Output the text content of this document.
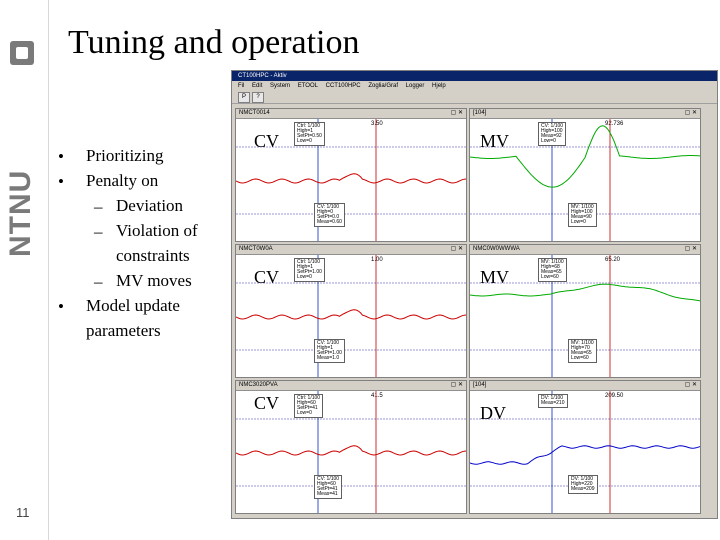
NTNU
11
Tuning and operation
• Prioritizing
• Penalty on
– Deviation
– Violation of constraints
– MV moves
• Model update parameters
CT100HPC - Aktiv
Fil Edit System ETOOL CCT100HPC Zoglia/Graf Logger Hjelp
P	?
NMCT0014	▢ ✕
3.50
Ctrl: 1/100
High=1
SetPt=0.50
Low=0
CV: 1/100
High=0
SetPt=0.0
Meas=0.60
CV
[104]	▢ ✕
92.736
CV: 1/100
High=100
Meas=92
Low=0
MV: 1/100
High=100
Meas=90
Low=0
MV
NMCT0W0A	▢ ✕
1.00
Ctrl: 1/100
High=1
SetPt=1.00
Low=0
CV: 1/100
High=1
SetPt=1.00
Meas=1.0
CV
NMC0W0WWWA	▢ ✕
65.20
MV: 1/100
High=68
Meas=65
Low=60
MV: 1/100
High=70
Meas=65
Low=60
MV
NMC3020PVA	▢ ✕
41.5
Ctrl: 1/100
High=60
SetPt=41
Low=0
CV: 1/100
High=60
SetPt=41
Meas=41
CV
[104]	▢ ✕
209.50
DV: 1/100
Meas=210
DV: 1/100
High=220
Meas=209
DV
